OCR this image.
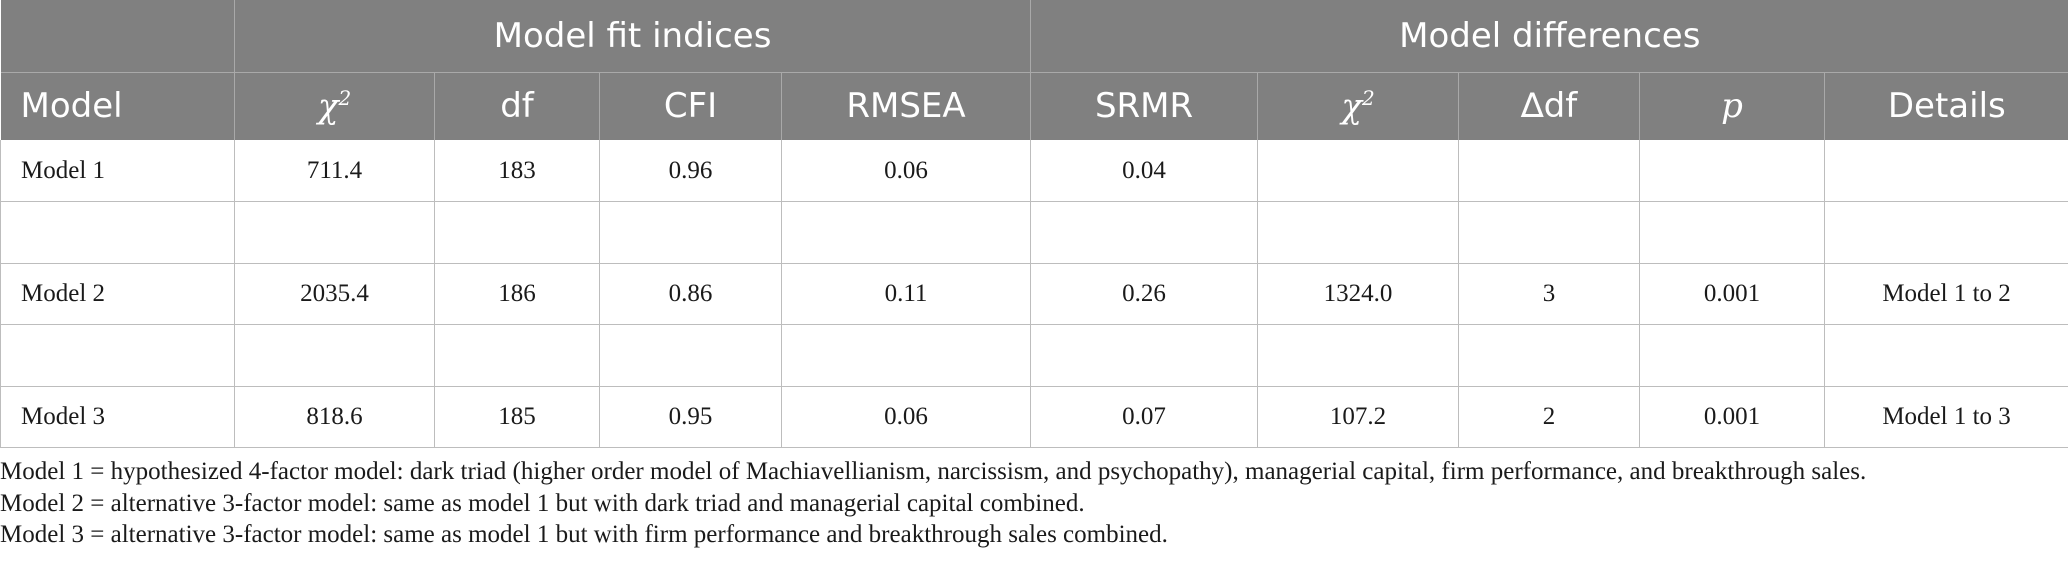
	Model fit indices				Model differences				
Model	$\chi^2$	df	CFI	RMSEA	SRMR	$\chi^2$	∆df	p	Details
Model 1	711.4	183	0.96	0.06	0.04				

Model 2	2035.4	186	0.86	0.11	0.26	1324.0	3	0.001	Model 1 to 2

Model 3	818.6	185	0.95	0.06	0.07	107.2	2	0.001	Model 1 to 3
Model 1 = hypothesized 4-factor model: dark triad (higher order model of Machiavellianism, narcissism, and psychopathy), managerial capital, firm performance, and breakthrough sales.
Model 2 = alternative 3-factor model: same as model 1 but with dark triad and managerial capital combined.
Model 3 = alternative 3-factor model: same as model 1 but with firm performance and breakthrough sales combined.
